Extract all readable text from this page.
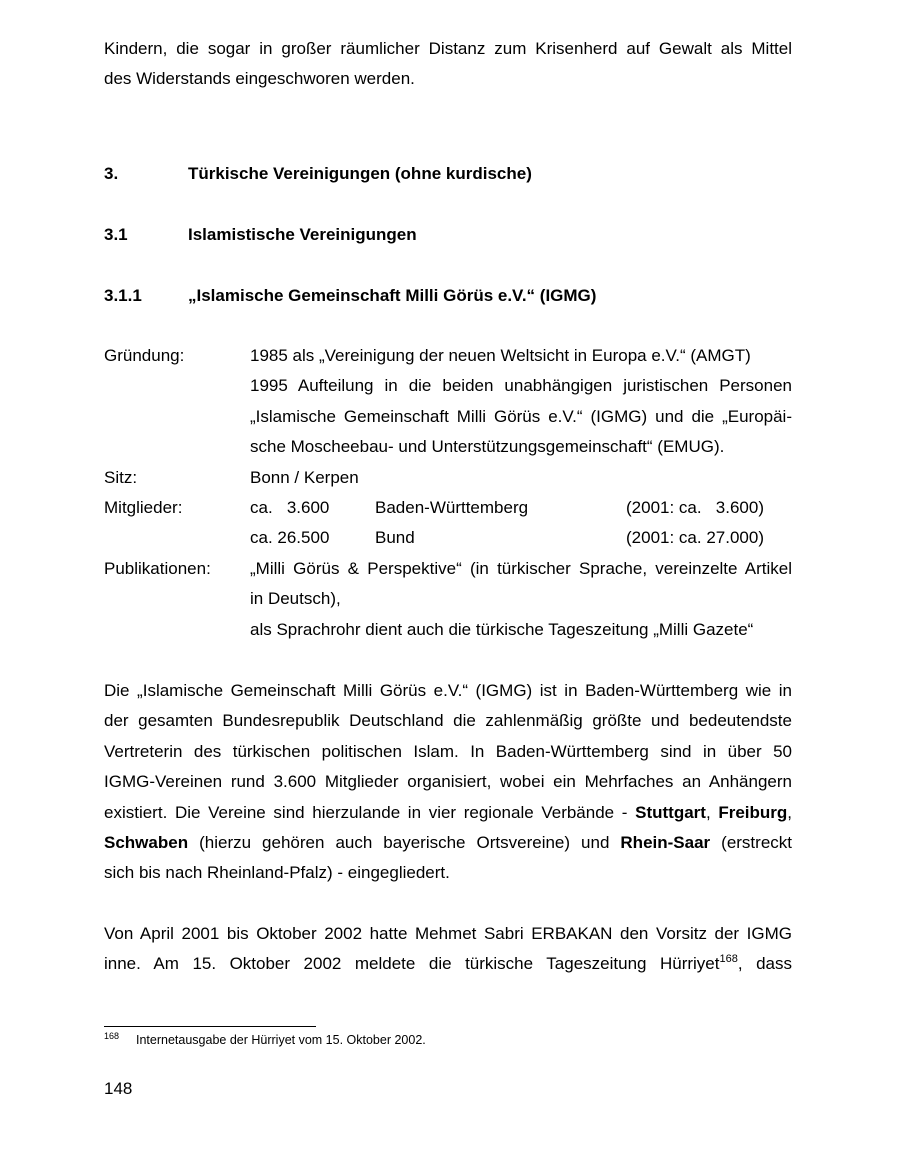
Kindern, die sogar in großer räumlicher Distanz zum Krisenherd auf Gewalt als Mittel
des Widerstands eingeschworen werden.
3.	Türkische Vereinigungen (ohne kurdische)
3.1	Islamistische Vereinigungen
3.1.1	„Islamische Gemeinschaft Milli Görüs e.V.“ (IGMG)
Gründung:	1985 als „Vereinigung der neuen Weltsicht in Europa e.V.“ (AMGT)
1995 Aufteilung in die beiden unabhängigen juristischen Personen
„Islamische Gemeinschaft Milli Görüs e.V.“ (IGMG) und die „Europäi-
sche Moscheebau- und Unterstützungsgemeinschaft“ (EMUG).
Sitz:	Bonn / Kerpen
Mitglieder:	ca.   3.600	Baden-Württemberg	(2001: ca.   3.600)
ca. 26.500	Bund	(2001: ca. 27.000)
Publikationen:	„Milli Görüs & Perspektive“ (in türkischer Sprache, vereinzelte Artikel
in Deutsch),
als Sprachrohr dient auch die türkische Tageszeitung „Milli Gazete“
Die „Islamische Gemeinschaft Milli Görüs e.V.“ (IGMG) ist in Baden-Württemberg wie in
der gesamten Bundesrepublik Deutschland die zahlenmäßig größte und bedeutendste
Vertreterin des türkischen politischen Islam. In Baden-Württemberg sind in über 50
IGMG-Vereinen rund 3.600 Mitglieder organisiert, wobei ein Mehrfaches an Anhängern
existiert. Die Vereine sind hierzulande in vier regionale Verbände - Stuttgart, Freiburg,
Schwaben (hierzu gehören auch bayerische Ortsvereine) und Rhein-Saar (erstreckt
sich bis nach Rheinland-Pfalz) - eingegliedert.
Von April 2001 bis Oktober 2002 hatte Mehmet Sabri ERBAKAN den Vorsitz der IGMG
inne. Am 15. Oktober 2002 meldete die türkische Tageszeitung Hürriyet$^{168}$, dass
168 Internetausgabe der Hürriyet vom 15. Oktober 2002.
148
